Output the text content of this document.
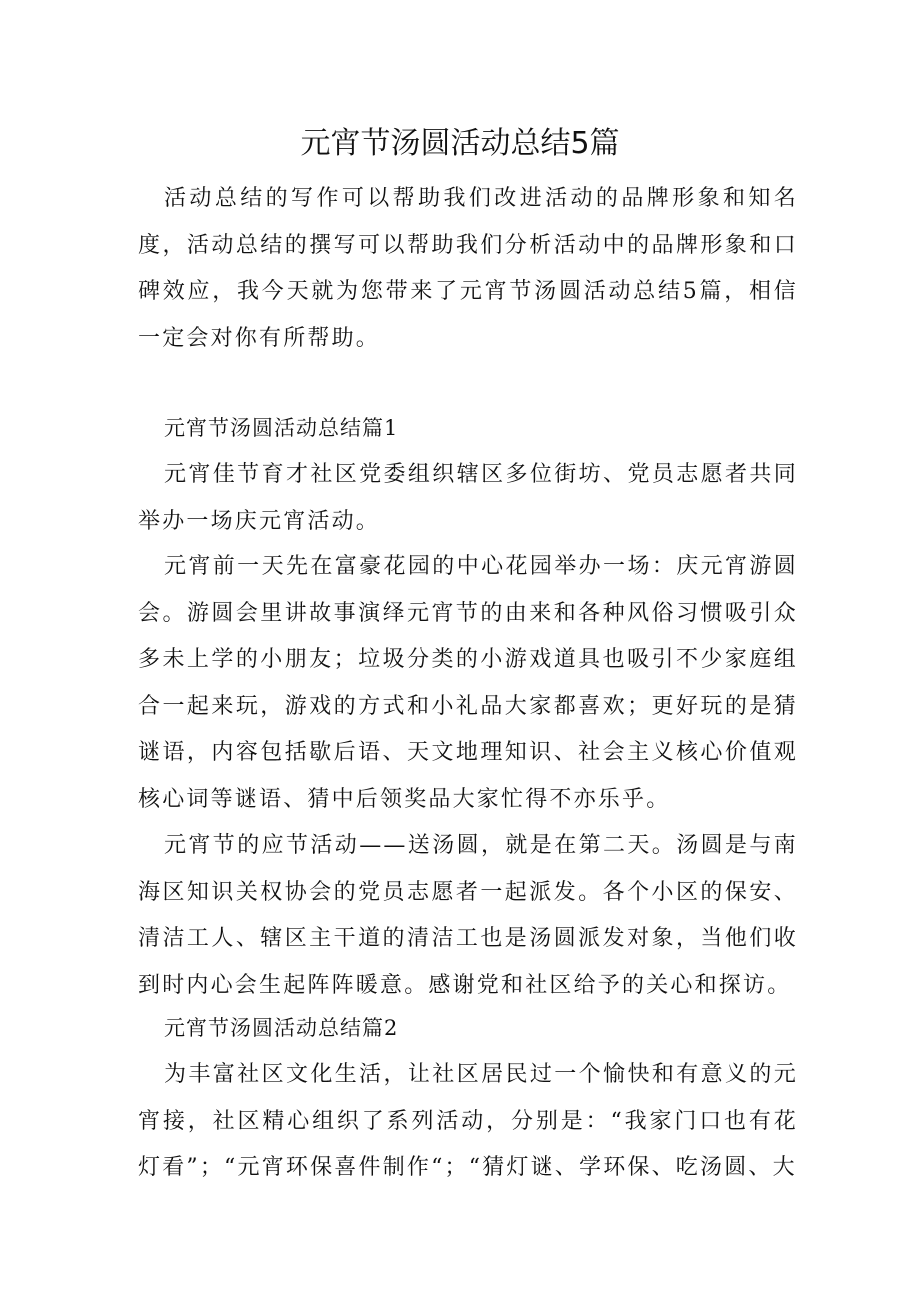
元宵节汤圆活动总结5篇

活动总结的写作可以帮助我们改进活动的品牌形象和知名度，活动总结的撰写可以帮助我们分析活动中的品牌形象和口碑效应，我今天就为您带来了元宵节汤圆活动总结5篇，相信一定会对你有所帮助。

元宵节汤圆活动总结篇1

元宵佳节育才社区党委组织辖区多位街坊、党员志愿者共同举办一场庆元宵活动。

元宵前一天先在富豪花园的中心花园举办一场：庆元宵游圆会。游圆会里讲故事演绎元宵节的由来和各种风俗习惯吸引众多未上学的小朋友；垃圾分类的小游戏道具也吸引不少家庭组合一起来玩，游戏的方式和小礼品大家都喜欢；更好玩的是猜谜语，内容包括歇后语、天文地理知识、社会主义核心价值观核心词等谜语、猜中后领奖品大家忙得不亦乐乎。

元宵节的应节活动——送汤圆，就是在第二天。汤圆是与南海区知识关权协会的党员志愿者一起派发。各个小区的保安、清洁工人、辖区主干道的清洁工也是汤圆派发对象，当他们收到时内心会生起阵阵暖意。感谢党和社区给予的关心和探访。

元宵节汤圆活动总结篇2

为丰富社区文化生活，让社区居民过一个愉快和有意义的元宵接，社区精心组织了系列活动，分别是：“我家门口也有花灯看”；“元宵环保喜件制作“；“猜灯谜、学环保、吃汤圆、大
